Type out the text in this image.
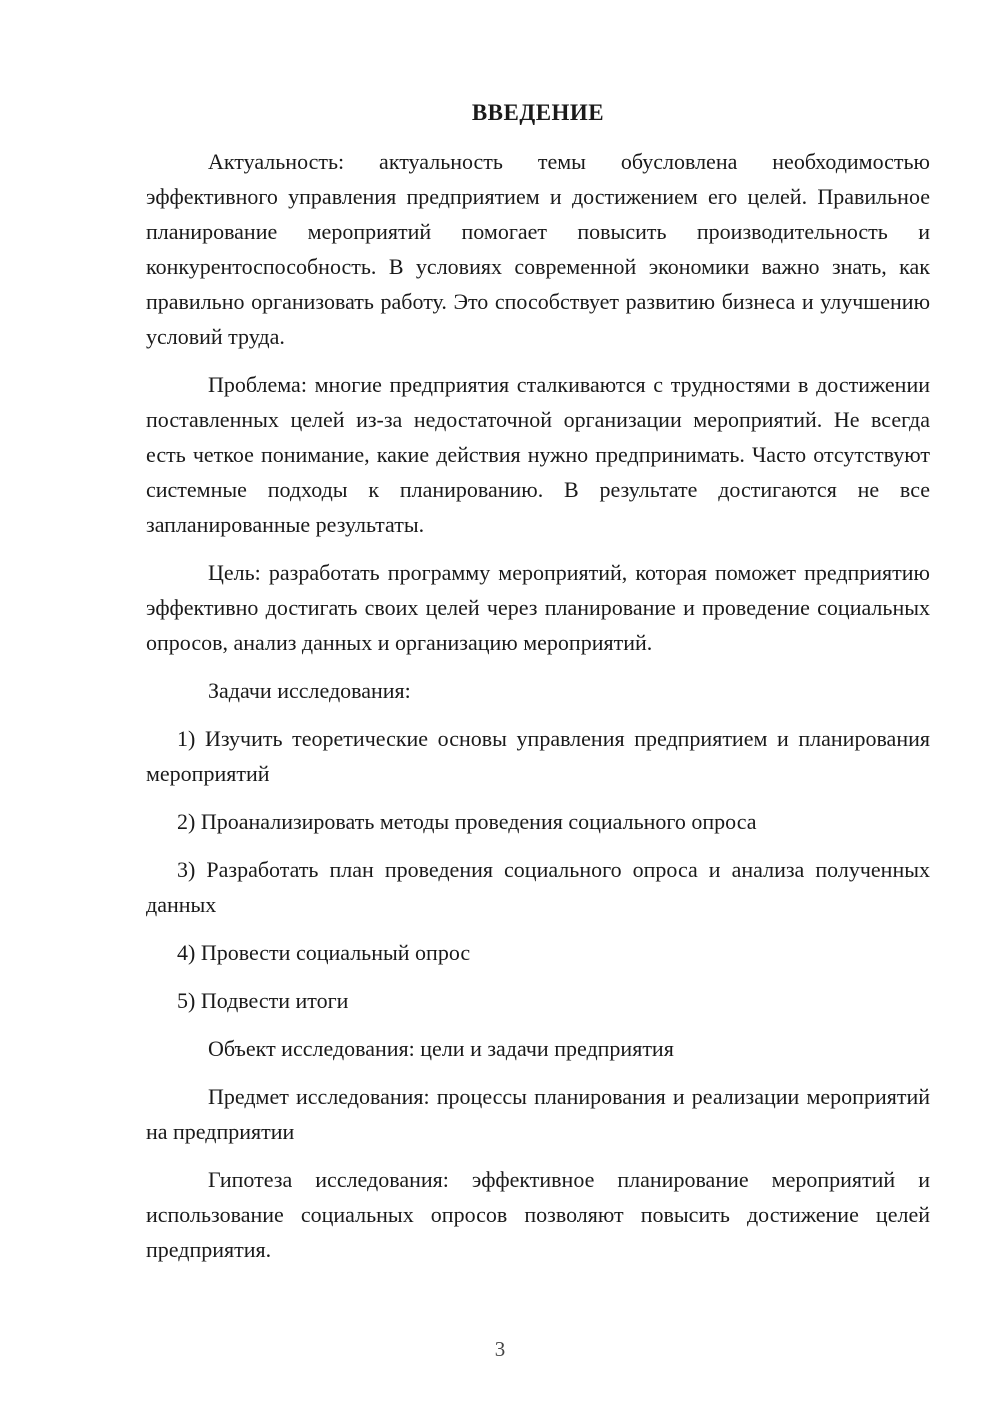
ВВЕДЕНИЕ

Актуальность: актуальность темы обусловлена необходимостью эффективного управления предприятием и достижением его целей. Правильное планирование мероприятий помогает повысить производительность и конкурентоспособность. В условиях современной экономики важно знать, как правильно организовать работу. Это способствует развитию бизнеса и улучшению условий труда.

Проблема: многие предприятия сталкиваются с трудностями в достижении поставленных целей из-за недостаточной организации мероприятий. Не всегда есть четкое понимание, какие действия нужно предпринимать. Часто отсутствуют системные подходы к планированию. В результате достигаются не все запланированные результаты.

Цель: разработать программу мероприятий, которая поможет предприятию эффективно достигать своих целей через планирование и проведение социальных опросов, анализ данных и организацию мероприятий.

Задачи исследования:

1) Изучить теоретические основы управления предприятием и планирования мероприятий

2) Проанализировать методы проведения социального опроса

3) Разработать план проведения социального опроса и анализа полученных данных

4) Провести социальный опрос

5) Подвести итоги

Объект исследования: цели и задачи предприятия

Предмет исследования: процессы планирования и реализации мероприятий на предприятии

Гипотеза исследования: эффективное планирование мероприятий и использование социальных опросов позволяют повысить достижение целей предприятия.

3
